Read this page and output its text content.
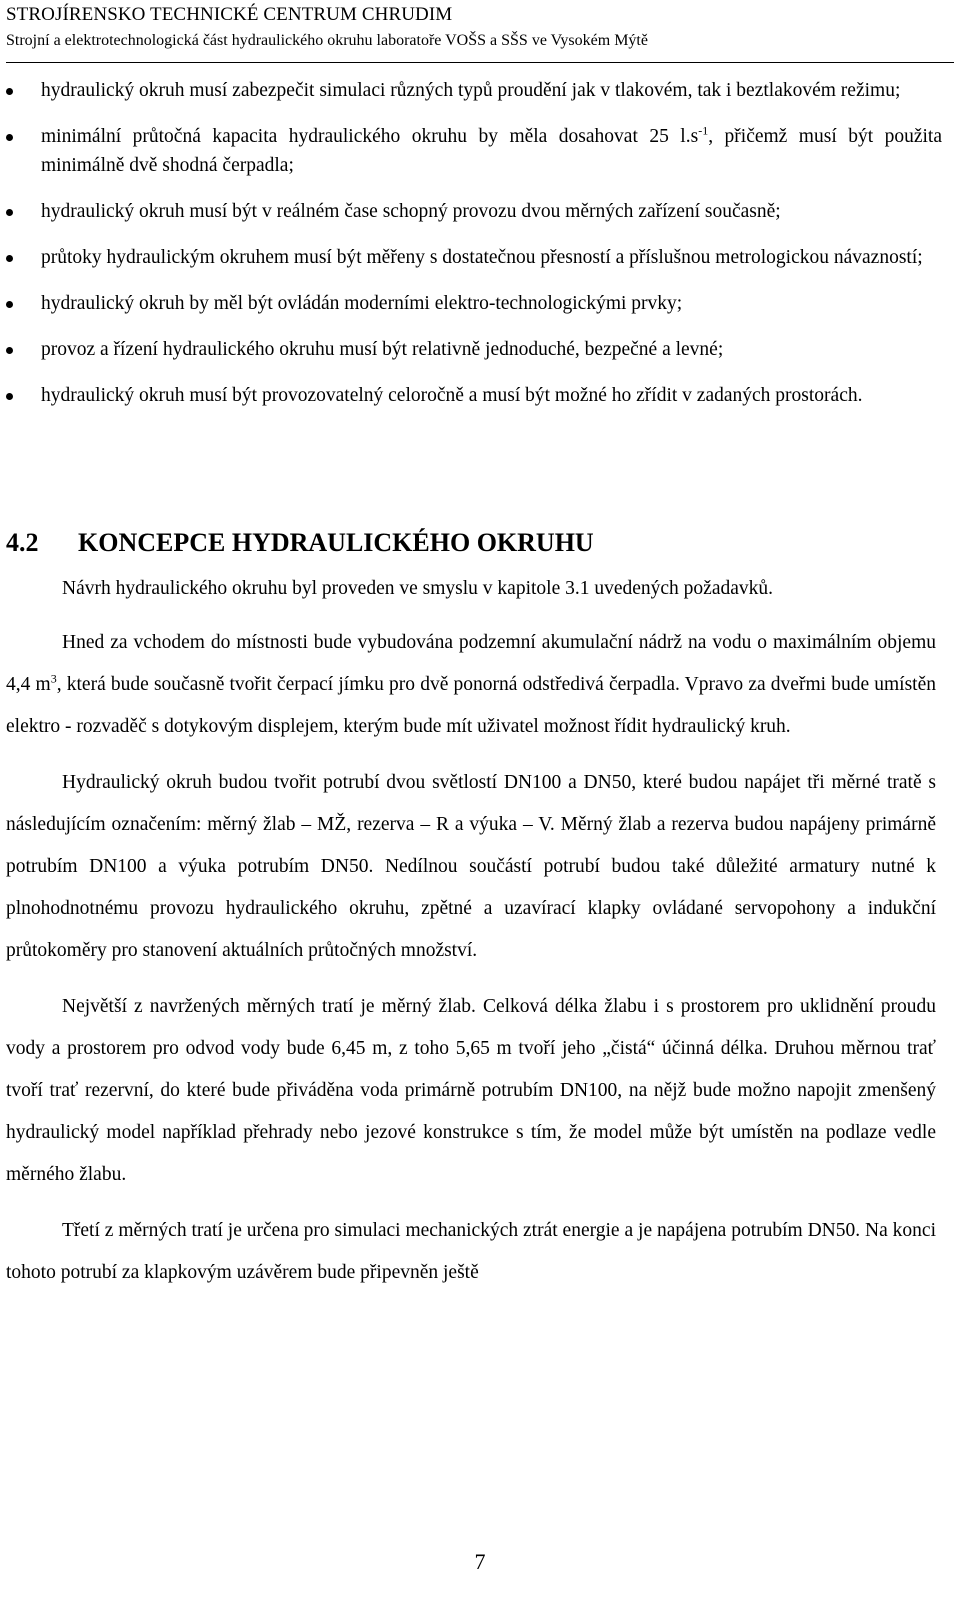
STROJÍRENSKO TECHNICKÉ CENTRUM CHRUDIM
Strojní a elektrotechnologická část hydraulického okruhu laboratoře VOŠS a SŠS ve Vysokém Mýtě
hydraulický okruh musí zabezpečit simulaci různých typů proudění jak v tlakovém, tak i beztlakovém režimu;
minimální průtočná kapacita hydraulického okruhu by měla dosahovat 25 $l.s^{-1}$, přičemž musí být použita minimálně dvě shodná čerpadla;
hydraulický okruh musí být v reálném čase schopný provozu dvou měrných zařízení současně;
průtoky hydraulickým okruhem musí být měřeny s dostatečnou přesností a příslušnou metrologickou návazností;
hydraulický okruh by měl být ovládán moderními elektro-technologickými prvky;
provoz a řízení hydraulického okruhu musí být relativně jednoduché, bezpečné a levné;
hydraulický okruh musí být provozovatelný celoročně a musí být možné ho zřídit v zadaných prostorách.
4.2 KONCEPCE HYDRAULICKÉHO OKRUHU

Návrh hydraulického okruhu byl proveden ve smyslu v kapitole 3.1 uvedených požadavků.

Hned za vchodem do místnosti bude vybudována podzemní akumulační nádrž na vodu o maximálním objemu 4,4 $m^3$, která bude současně tvořit čerpací jímku pro dvě ponorná odstředivá čerpadla. Vpravo za dveřmi bude umístěn elektro - rozvaděč s dotykovým displejem, kterým bude mít uživatel možnost řídit hydraulický kruh.

Hydraulický okruh budou tvořit potrubí dvou světlostí DN100 a DN50, které budou napájet tři měrné tratě s následujícím označením: měrný žlab – MŽ, rezerva – R a výuka – V. Měrný žlab a rezerva budou napájeny primárně potrubím DN100 a výuka potrubím DN50. Nedílnou součástí potrubí budou také důležité armatury nutné k plnohodnotnému provozu hydraulického okruhu, zpětné a uzavírací klapky ovládané servopohony a indukční průtokoměry pro stanovení aktuálních průtočných množství.

Největší z navržených měrných tratí je měrný žlab. Celková délka žlabu i s prostorem pro uklidnění proudu vody a prostorem pro odvod vody bude 6,45 m, z toho 5,65 m tvoří jeho „čistá“ účinná délka. Druhou měrnou trať tvoří trať rezervní, do které bude přiváděna voda primárně potrubím DN100, na nějž bude možno napojit zmenšený hydraulický model například přehrady nebo jezové konstrukce s tím, že model může být umístěn na podlaze vedle měrného žlabu.

Třetí z měrných tratí je určena pro simulaci mechanických ztrát energie a je napájena potrubím DN50. Na konci tohoto potrubí za klapkovým uzávěrem bude připevněn ještě

7
